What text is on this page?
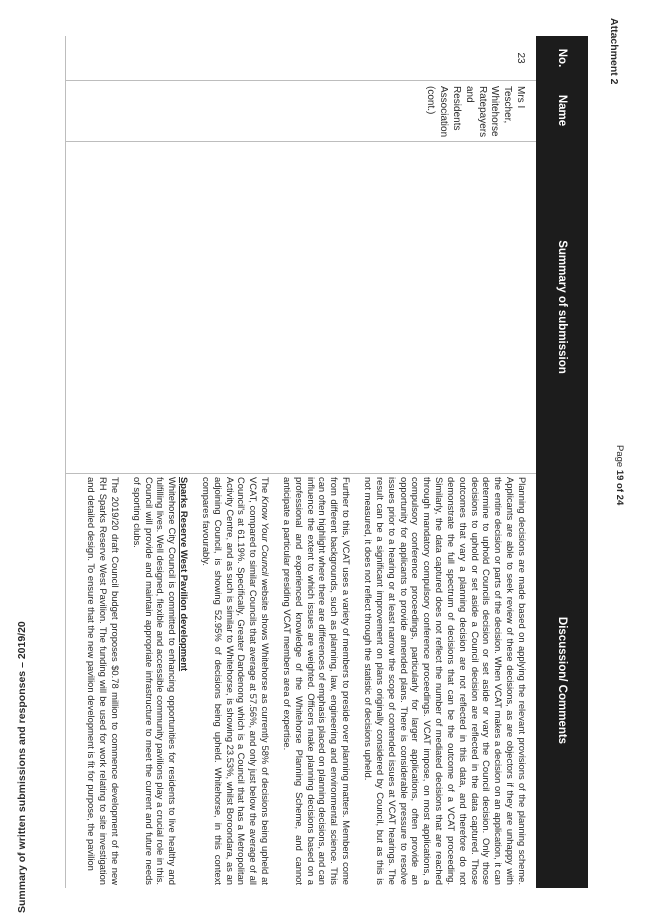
Summary of written submissions and responses – 2019/20
Attachment 2
Page 19 of 24
No.
Name
Summary of submission
Discussion/ Comments
23
Mrs I Tescher, Whitehorse Ratepayers and Residents Association (cont.)

Planning decisions are made based on applying the relevant provisions of the planning scheme. Applicants are able to seek review of these decisions, as are objectors if they are unhappy with the entire decision or parts of the decision. When VCAT makes a decision on an application, it can determine to uphold Councils decision or set aside or vary the Council decision. Only those decisions to uphold or set aside a Council decision are reflected in the data captured. Those outcomes that vary a planning decision are not reflected in this data, and therefore do not demonstrate the full spectrum of decisions that can be the outcome of a VCAT proceeding. Similarly, the data captured does not reflect the number of mediated decisions that are reached through mandatory compulsory conference proceedings. VCAT impose, on most applications, a compulsory conference proceedings, particularly for larger applications, often provide an opportunity for applicants to provide amended plans. There is considerable pressure to resolve issues prior to a hearing or at least narrow the scope of contended issues at VCAT hearings. The result can be a significant improvement on plans originally considered by Council, but as this is not measured, it does not reflect through the statistic of decisions upheld.

Further to this, VCAT uses a variety of members to preside over planning matters. Members come from different backgrounds, such as planning, law, engineering and environmental science. This can often highlight where there are differences of emphasis placed on planning decisions, and can influence the extent to which issues are weighted. Officers make planning decisions based on a professional and experienced knowledge of the Whitehorse Planning Scheme, and cannot anticipate a particular presiding VCAT members area of expertise.

The Know Your Council website shows Whitehorse as currently 58% of decisions being upheld at VCAT, compared to similar Councils that average at 57.56%, and only just below the average of all Council's at 61.19%. Specifically, Greater Dandenong which is a Council that has a Metropolitan Activity Centre, and as such is similar to Whitehorse, is showing 23.53%, whilst Boroondara, as an adjoining Council, is showing 52.95% of decisions being upheld. Whitehorse, in this context compares favourably.

Sparks Reserve West Pavilion development
Whitehorse City Council is committed to enhancing opportunities for residents to live healthy and fulfilling lives. Well designed, flexible and accessible community pavilions play a crucial role in this. Council will provide and maintain appropriate infrastructure to meet the current and future needs of sporting clubs.

The 2019/20 draft Council budget proposes $0.78 million to commence development of the new RH Sparks Reserve West Pavilion. The funding will be used for work relating to site investigation and detailed design. To ensure that the new pavilion development is fit for purpose, the pavilion
